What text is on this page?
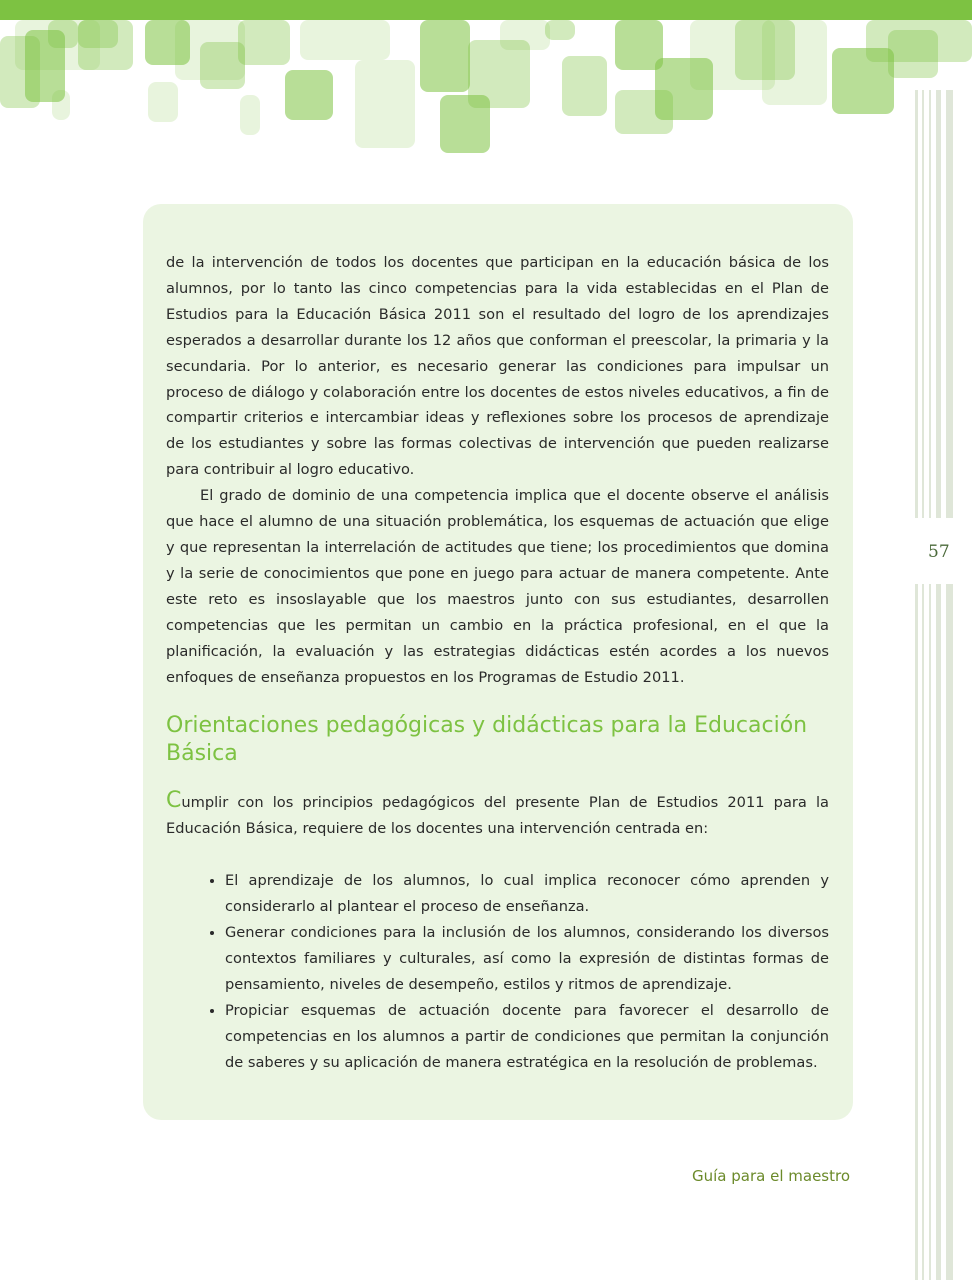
57

de la intervención de todos los docentes que participan en la educación básica de los alumnos, por lo tanto las cinco competencias para la vida establecidas en el Plan de Estudios para la Educación Básica 2011 son el resultado del logro de los aprendizajes esperados a desarrollar durante los 12 años que conforman el preescolar, la primaria y la secundaria. Por lo anterior, es necesario generar las condiciones para impulsar un proceso de diálogo y colaboración entre los docentes de estos niveles educativos, a fin de compartir criterios e intercambiar ideas y reflexiones sobre los procesos de aprendizaje de los estudiantes y sobre las formas colectivas de intervención que pueden realizarse para contribuir al logro educativo.

El grado de dominio de una competencia implica que el docente observe el análisis que hace el alumno de una situación problemática, los esquemas de actuación que elige y que representan la interrelación de actitudes que tiene; los procedimientos que domina y la serie de conocimientos que pone en juego para actuar de manera competente. Ante este reto es insoslayable que los maestros junto con sus estudiantes, desarrollen competencias que les permitan un cambio en la práctica profesional, en el que la planificación, la evaluación y las estrategias didácticas estén acordes a los nuevos enfoques de enseñanza propuestos en los Programas de Estudio 2011.

Orientaciones pedagógicas y didácticas para la Educación Básica

Cumplir con los principios pedagógicos del presente Plan de Estudios 2011 para la Educación Básica, requiere de los docentes una intervención centrada en:

• El aprendizaje de los alumnos, lo cual implica reconocer cómo aprenden y considerarlo al plantear el proceso de enseñanza.
• Generar condiciones para la inclusión de los alumnos, considerando los diversos contextos familiares y culturales, así como la expresión de distintas formas de pensamiento, niveles de desempeño, estilos y ritmos de aprendizaje.
• Propiciar esquemas de actuación docente para favorecer el desarrollo de competencias en los alumnos a partir de condiciones que permitan la conjunción de saberes y su aplicación de manera estratégica en la resolución de problemas.
Guía para el maestro
